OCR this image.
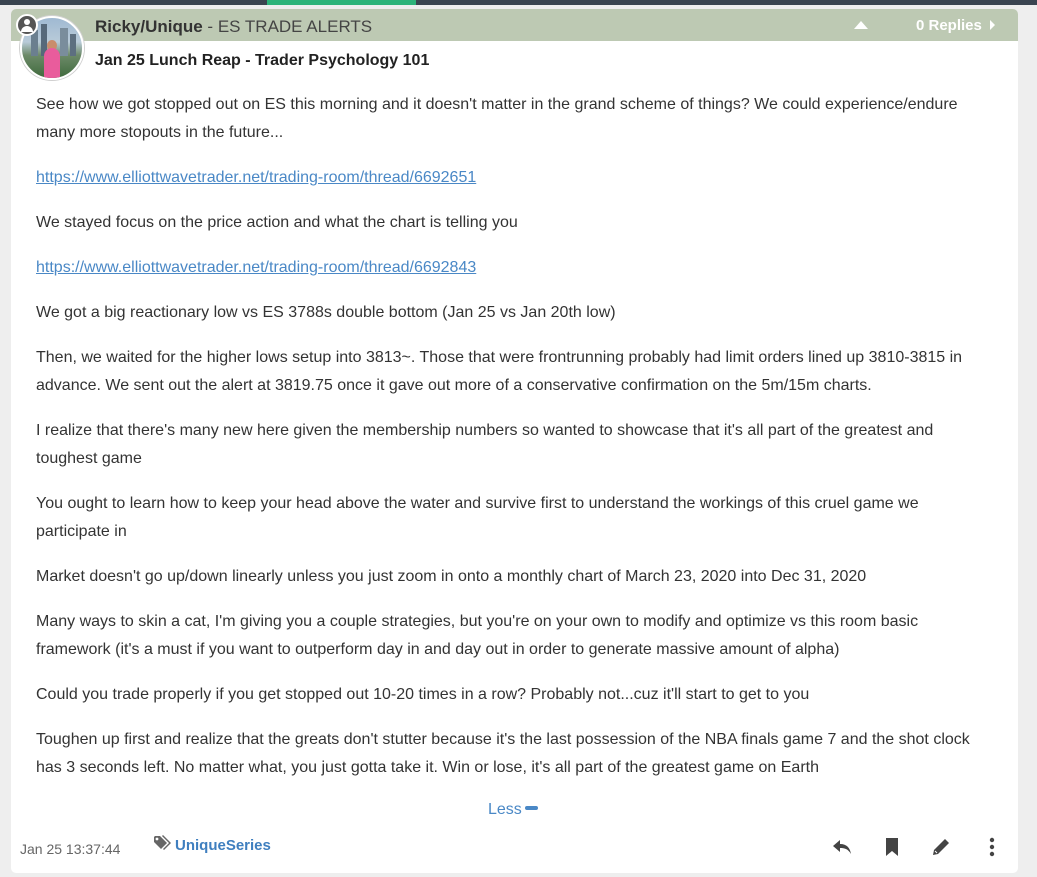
Ricky/Unique - ES TRADE ALERTS	0 Replies
Jan 25 Lunch Reap - Trader Psychology 101

See how we got stopped out on ES this morning and it doesn't matter in the grand scheme of things? We could experience/endure many more stopouts in the future...

https://www.elliottwavetrader.net/trading-room/thread/6692651

We stayed focus on the price action and what the chart is telling you

https://www.elliottwavetrader.net/trading-room/thread/6692843

We got a big reactionary low vs ES 3788s double bottom (Jan 25 vs Jan 20th low)

Then, we waited for the higher lows setup into 3813~. Those that were frontrunning probably had limit orders lined up 3810-3815 in advance. We sent out the alert at 3819.75 once it gave out more of a conservative confirmation on the 5m/15m charts.

I realize that there's many new here given the membership numbers so wanted to showcase that it's all part of the greatest and toughest game

You ought to learn how to keep your head above the water and survive first to understand the workings of this cruel game we participate in

Market doesn't go up/down linearly unless you just zoom in onto a monthly chart of March 23, 2020 into Dec 31, 2020

Many ways to skin a cat, I'm giving you a couple strategies, but you're on your own to modify and optimize vs this room basic framework (it's a must if you want to outperform day in and day out in order to generate massive amount of alpha)

Could you trade properly if you get stopped out 10-20 times in a row? Probably not...cuz it'll start to get to you

Toughen up first and realize that the greats don't stutter because it's the last possession of the NBA finals game 7 and the shot clock has 3 seconds left. No matter what, you just gotta take it. Win or lose, it's all part of the greatest game on Earth

Less
Jan 25 13:37:44	UniqueSeries
